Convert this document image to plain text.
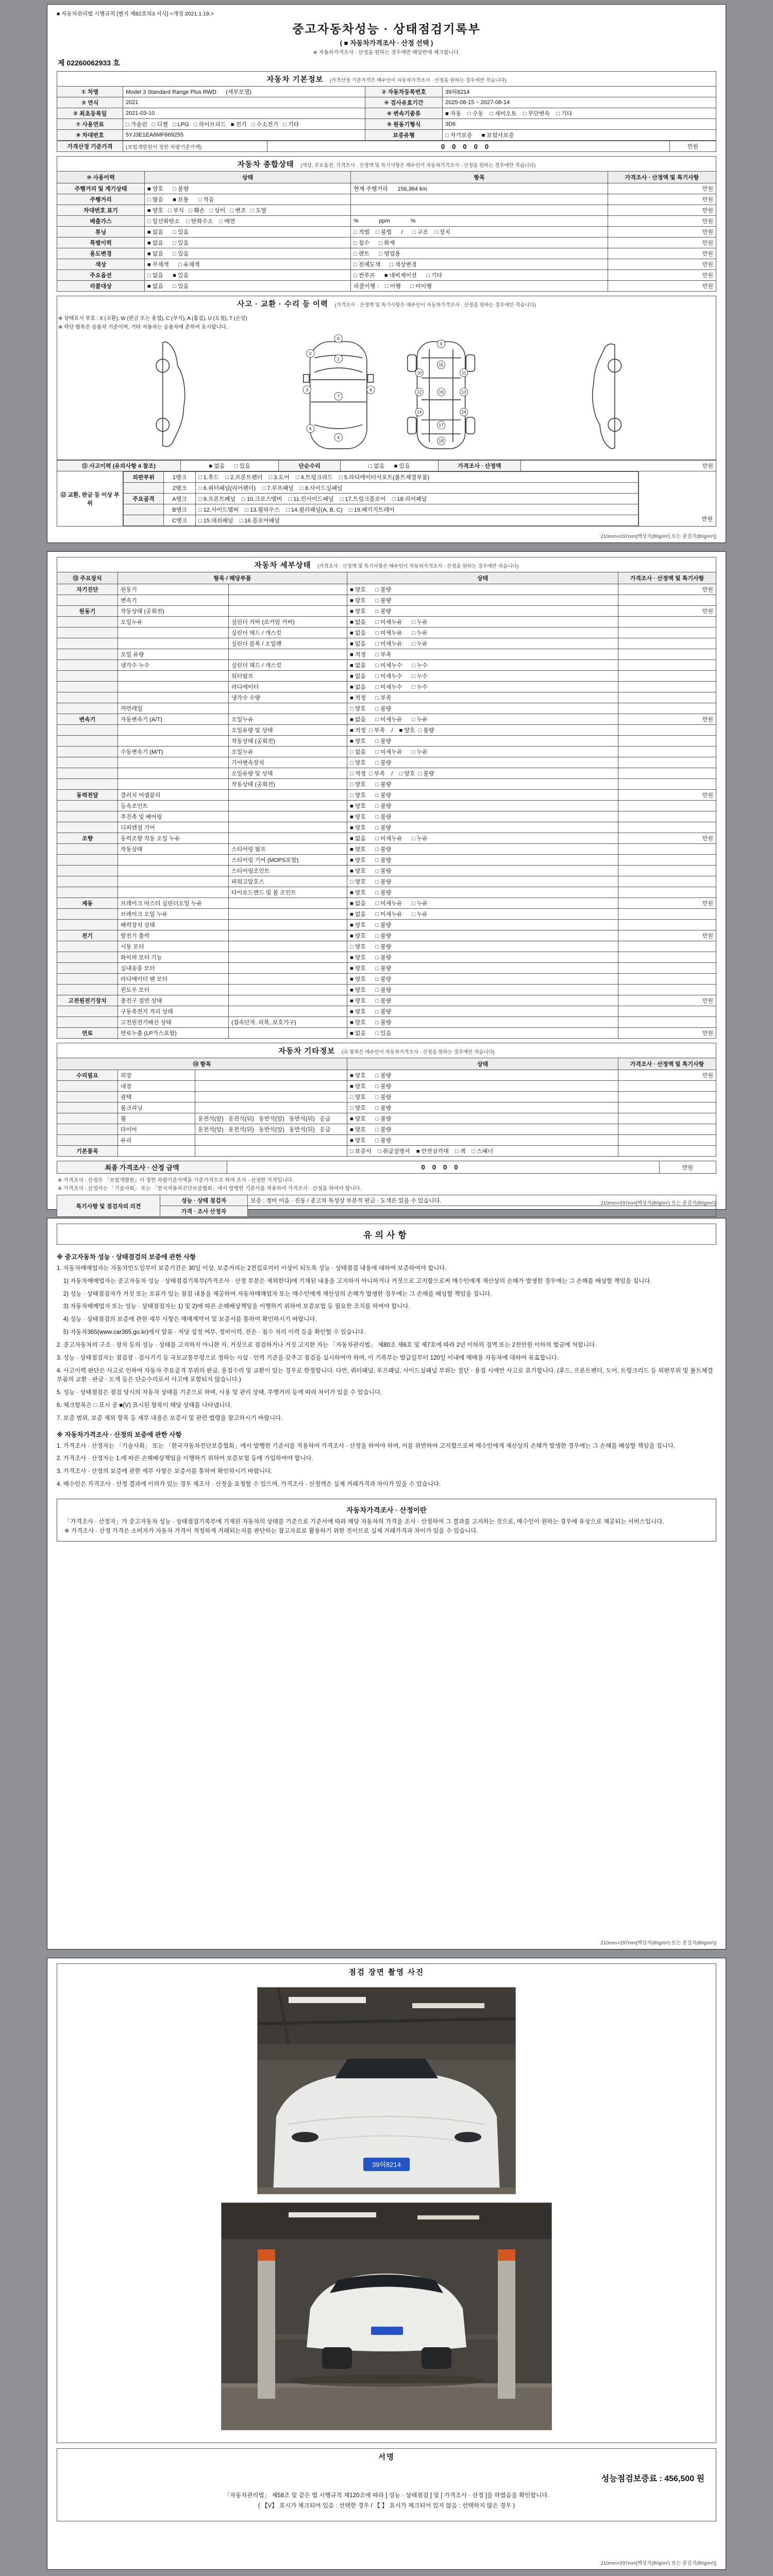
■ 자동차관리법 시행규칙 [별지 제82호의3 서식] <개정 2021.1.19.>
중고자동차성능 · 상태점검기록부
( ■ 자동차가격조사 · 산정 선택 )
※ 자동차가격조사 · 산정을 원하는 경우에만 해당란에 체크합니다.
제 02260062933 호
자동차 기본정보 (가격산정 기준가격은 매수인이 자동차가격조사 · 산정을 원하는 경우에만 적습니다)
① 차명	Model 3 Standard Range Plus RWD      (세부모델)	② 자동차등록번호	39허8214
③ 연식	2021	④ 검사유효기간	2025-08-15 ~ 2027-08-14
⑤ 최초등록일	2021-03-10	⑥ 변속기종류	■ 자동    □ 수동    □ 세미오토    □ 무단변속    □ 기타
⑦ 사용연료	□ 가솔린   □ 디젤   □ LPG   □ 하이브리드   ■ 전기   □ 수소전기   □ 기타	⑧ 원동기형식	3D6
⑨ 차대번호	5YJ3E1EA6MF669255	보증유형	□ 자가보증      ■ 보험사보증
가격산정 기준가격	(보험개발원이 정한 차량기준가액)	00000	만원
자동차 종합상태 (색상, 주요옵션, 가격조사 · 산정액 및 특기사항은 매수인이 자동차가격조사 · 산정을 원하는 경우에만 적습니다)
⑩ 사용이력	상태	항목	가격조사 · 산정액 및 특기사항
주행거리 및 계기상태	■ 양호      □ 불량	현재 주행거리      156,364 km	만원
주행거리	□ 많음      ■ 보통      □ 적음		만원
차대번호 표기	■ 양호   □ 부식   □ 훼손   □ 상이   □ 변조   □ 도말		만원
배출가스	□ 일산화탄소    □ 탄화수소    □ 매연	%             ppm             %	만원
튜닝	■ 없음      □ 있음	□ 적법    □ 불법      /      □ 구조    □ 장치	만원
특별이력	■ 없음      □ 있음	□ 침수      □ 화재	만원
용도변경	■ 없음      □ 있음	□ 렌트      □ 영업용	만원
색상	■ 무채색      □ 유채색	□ 전체도색      □ 색상변경	만원
주요옵션	□ 없음      ■ 있음	□ 썬루프      ■ 네비게이션      □ 기타	만원
리콜대상	■ 없음      □ 있음	리콜이행 :    □ 이행      □ 미이행	만원
사고 · 교환 · 수리 등 이력 (가격조사 · 산정액 및 특기사항은 매수인이 자동차가격조사 · 산정을 원하는 경우에만 적습니다)
※ 상태표시 부호 : X (교환), W (판금 또는 용접), C (부식), A (흠집), U (요철), T (손상)
※ 하단 항목은 승용차 기준이며, 기타 자동차는 승용차에 준하여 표시합니다.
5
1
2
3
7
8
6
4
9
15
10	11
12	16	13
14	19
17
18
⑪ 사고이력 (유의사항 4 참조)	■ 없음      □ 있음	단순수리	□ 없음      ■ 있음	가격조사 · 산정액	만원
⑫ 교환, 판금 등 이상 부위
외판부위	1랭크	□ 1.후드    □ 2.프론트펜더    □ 3.도어    □ 4.트렁크리드    □ 5.라디에이터서포트(볼트체결부품)
	2랭크	□ 6.쿼터패널(리어펜더)    □ 7.루프패널    □ 8.사이드실패널
주요골격	A랭크	□ 9.프론트패널    □ 10.크로스멤버    □ 11.인사이드패널    □ 17.트렁크플로어    □ 18.리어패널
	B랭크	□ 12.사이드멤버    □ 13.휠하우스    □ 14.필러패널(A, B, C)    □ 19.패키지트레이
	C랭크	□ 15.대쉬패널    □ 16.플로어패널	만원
210mm×297mm[백상지(80g/m²) 또는 중질지(80g/m²)]
자동차 세부상태 (가격조사 · 산정액 및 특기사항은 매수인이 자동차가격조사 · 산정을 원하는 경우에만 적습니다)
⑬ 주요장치	항목 / 해당부품		상태	가격조사 · 산정액 및 특기사항
자기진단	원동기		■ 양호      □ 불량	만원
	변속기		■ 양호      □ 불량	
원동기	작동상태 (공회전)		■ 양호      □ 불량	만원
	오일누유	실린더 커버 (로커암 커버)	■ 없음      □ 미세누유      □ 누유	
		실린더 헤드 / 개스킷	■ 없음      □ 미세누유      □ 누유	
		실린더 블록 / 오일팬	■ 없음      □ 미세누유      □ 누유	
	오일 유량		■ 적정      □ 부족	
	냉각수 누수	실린더 헤드 / 개스킷	■ 없음      □ 미세누수      □ 누수	
		워터펌프	■ 없음      □ 미세누수      □ 누수	
		라디에이터	■ 없음      □ 미세누수      □ 누수	
		냉각수 수량	■ 적정      □ 부족	
	커먼레일		□ 양호      □ 불량	
변속기	자동변속기 (A/T)	오일누유	■ 없음      □ 미세누유      □ 누유	만원
		오일유량 및 상태	■ 적정  □ 부족    /    ■ 양호  □ 불량	
		작동상태 (공회전)	■ 양호      □ 불량	
	수동변속기 (M/T)	오일누유	□ 없음      □ 미세누유      □ 누유	
		기어변속장치	□ 양호      □ 불량	
		오일유량 및 상태	□ 적정  □ 부족    /    □ 양호  □ 불량	
		작동상태 (공회전)	□ 양호      □ 불량	
동력전달	클러치 어셈블리		□ 양호      □ 불량	만원
	등속조인트		■ 양호      □ 불량	
	추진축 및 베어링		■ 양호      □ 불량	
	디퍼렌셜 기어		■ 양호      □ 불량	
조향	동력조향 작동 오일 누유		■ 없음      □ 미세누유      □ 누유	만원
	작동상태	스티어링 펌프	■ 양호      □ 불량	
		스티어링 기어 (MDPS포함)	■ 양호      □ 불량	
		스티어링조인트	■ 양호      □ 불량	
		파워고압호스	□ 양호      □ 불량	
		타이로드엔드 및 볼 조인트	■ 양호      □ 불량	
제동	브레이크 마스터 실린더오일 누유		■ 없음      □ 미세누유      □ 누유	만원
	브레이크 오일 누유		■ 없음      □ 미세누유      □ 누유	
	배력장치 상태		■ 양호      □ 불량	
전기	발전기 출력		■ 양호      □ 불량	만원
	시동 모터		□ 양호      □ 불량	
	와이퍼 모터 기능		■ 양호      □ 불량	
	실내송풍 모터		■ 양호      □ 불량	
	라디에이터 팬 모터		■ 양호      □ 불량	
	윈도우 모터		■ 양호      □ 불량	
고전원전기장치	충전구 절연 상태		■ 양호      □ 불량	만원
	구동축전지 격리 상태		■ 양호      □ 불량	
	고전원전기배선 상태	(접속단자, 피복, 보호기구)	■ 양호      □ 불량	
연료	연료누출 (LP가스포함)		■ 없음      □ 있음	만원
자동차 기타정보 (⑭ 항목은 매수인이 자동차가격조사 · 산정을 원하는 경우에만 적습니다)
⑭ 항목			상태	가격조사 · 산정액 및 특기사항
수리필요	외장		■ 양호      □ 불량	만원
	내장		■ 양호      □ 불량	
	광택		□ 양호      □ 불량	
	룸크리닝		□ 양호      □ 불량	
	휠	운전석(앞)   운전석(뒤)   동반석(앞)   동반석(뒤)   응급	■ 양호      □ 불량	
	타이어	운전석(앞)   운전석(뒤)   동반석(앞)   동반석(뒤)   응급	■ 양호      □ 불량	
	유리		■ 양호      □ 불량	
기본품목			□ 보증서    □ 취급설명서    ■ 안전삼각대    □ 잭    □ 스패너	
최종 가격조사 · 산정 금액	0000	만원
※ 가격조사 · 산정은 「보험개발원」이 정한 차량기준가액을 기준가격으로 하여 조사 · 산정한 가격입니다.
※ 가격조사 · 산정자는 「기술사회」 또는 「한국자동차진단보증협회」에서 발행한 기준서를 적용하여 가격조사 · 산정을 하여야 합니다.
특기사항 및 점검자의 의견	성능 · 상태 점검자	보증 : 경미 이음 · 진동 / 중고차 특성상 부분적 판금 · 도색은 있을 수 있습니다.
	가격 · 조사 산정자	
210mm×297mm[백상지(80g/m²) 또는 중질지(80g/m²)]
유의사항
※ 중고자동차 성능 · 상태점검의 보증에 관한 사항
1. 자동차매매업자는 자동차인도일부터 보증기간은 30일 이상, 보증거리는 2천킬로미터 이상이 되도록 성능 · 상태점검 내용에 대하여 보증하여야 합니다.
1) 자동차매매업자는 중고자동차 성능 · 상태점검기록부(가격조사 · 산정 부분은 제외한다)에 기재된 내용을 고지하지 아니하거나 거짓으로 고지함으로써 매수인에게 재산상의 손해가 발생한 경우에는 그 손해를 배상할 책임을 집니다.
2) 성능 · 상태점검자가 거짓 또는 오류가 있는 점검 내용을 제공하여 자동차매매업자 또는 매수인에게 재산상의 손해가 발생한 경우에는 그 손해를 배상할 책임을 집니다.
3) 자동차매매업자 또는 성능 · 상태점검자는 1) 및 2)에 따른 손해배상책임을 이행하기 위하여 보증보험 등 필요한 조치를 하여야 합니다.
4) 성능 · 상태점검의 보증에 관한 세부 사항은 매매계약서 및 보증서를 통하여 확인하시기 바랍니다.
5) 자동차365(www.car365.go.kr)에서 압류 · 저당 설정 여부, 정비이력, 전손 · 침수 처리 이력 등을 확인할 수 있습니다.
2. 중고자동차의 구조 · 장치 등의 성능 · 상태를 고지하지 아니한 자, 거짓으로 점검하거나 거짓 고지한 자는 「자동차관리법」 제80조 제6호 및 제7호에 따라 2년 이하의 징역 또는 2천만원 이하의 벌금에 처합니다.
3. 성능 · 상태점검자는 점검장 · 검사기기 등 국토교통부령으로 정하는 시설 · 인력 기준을 갖추고 점검을 실시하여야 하며, 이 기록부는 발급일부터 120일 이내에 매매용 자동차에 대하여 유효합니다.
4. 사고이력 판단은 사고로 인하여 자동차 주요골격 부위의 판금, 용접수리 및 교환이 있는 경우로 한정합니다. 다만, 쿼터패널, 루프패널, 사이드실패널 부위는 절단 · 용접 시에만 사고로 표기합니다. (후드, 프론트펜더, 도어, 트렁크리드 등 외판부위 및 볼트체결부품의 교환 · 판금 · 도색 등은 단순수리로서 사고에 포함되지 않습니다.)
5. 성능 · 상태점검은 점검 당시의 자동차 상태를 기준으로 하며, 사용 및 관리 상태, 주행거리 등에 따라 차이가 있을 수 있습니다.
6. 체크항목은 □ 표시 중 ■(V) 표시된 항목이 해당 상태를 나타냅니다.
7. 보증 범위, 보증 제외 항목 등 세부 내용은 보증서 및 관련 법령을 참고하시기 바랍니다.
※ 자동차가격조사 · 산정의 보증에 관한 사항
1. 가격조사 · 산정자는 「기술사회」 또는 「한국자동차진단보증협회」에서 발행한 기준서를 적용하여 가격조사 · 산정을 하여야 하며, 이를 위반하여 고지함으로써 매수인에게 재산상의 손해가 발생한 경우에는 그 손해를 배상할 책임을 집니다.
2. 가격조사 · 산정자는 1.에 따른 손해배상책임을 이행하기 위하여 보증보험 등에 가입하여야 합니다.
3. 가격조사 · 산정의 보증에 관한 세부 사항은 보증서를 통하여 확인하시기 바랍니다.
4. 매수인은 가격조사 · 산정 결과에 이의가 있는 경우 재조사 · 산정을 요청할 수 있으며, 가격조사 · 산정액은 실제 거래가격과 차이가 있을 수 있습니다.
자동차가격조사 · 산정이란
「가격조사 · 산정자」가 중고자동차 성능 · 상태점검기록부에 기재된 자동차의 상태를 기준으로 기준서에 따라 해당 자동차의 가격을 조사 · 산정하여 그 결과를 고지하는 것으로, 매수인이 원하는 경우에 유상으로 제공되는 서비스입니다.
※ 가격조사 · 산정 가격은 소비자가 자동차 가격이 적정하게 거래되는지를 판단하는 참고자료로 활용하기 위한 것이므로 실제 거래가격과 차이가 있을 수 있습니다.
210mm×297mm[백상지(80g/m²) 또는 중질지(80g/m²)]
점검 장면 촬영 사진
39허8214
서명
성능점검보증료 : 456,500 원
「자동차관리법」 제58조 및 같은 법 시행규칙 제120조에 따라 [ 성능 · 상태점검 ] 및 [ 가격조사 · 산정 ]을 하였음을 확인합니다.
( 【V】 표시가 체크되어 있음 : 선택한 경우 / 【 】 표시가 체크되어 있지 않음 : 선택하지 않은 경우 )
210mm×297mm[백상지(80g/m²) 또는 중질지(80g/m²)]
